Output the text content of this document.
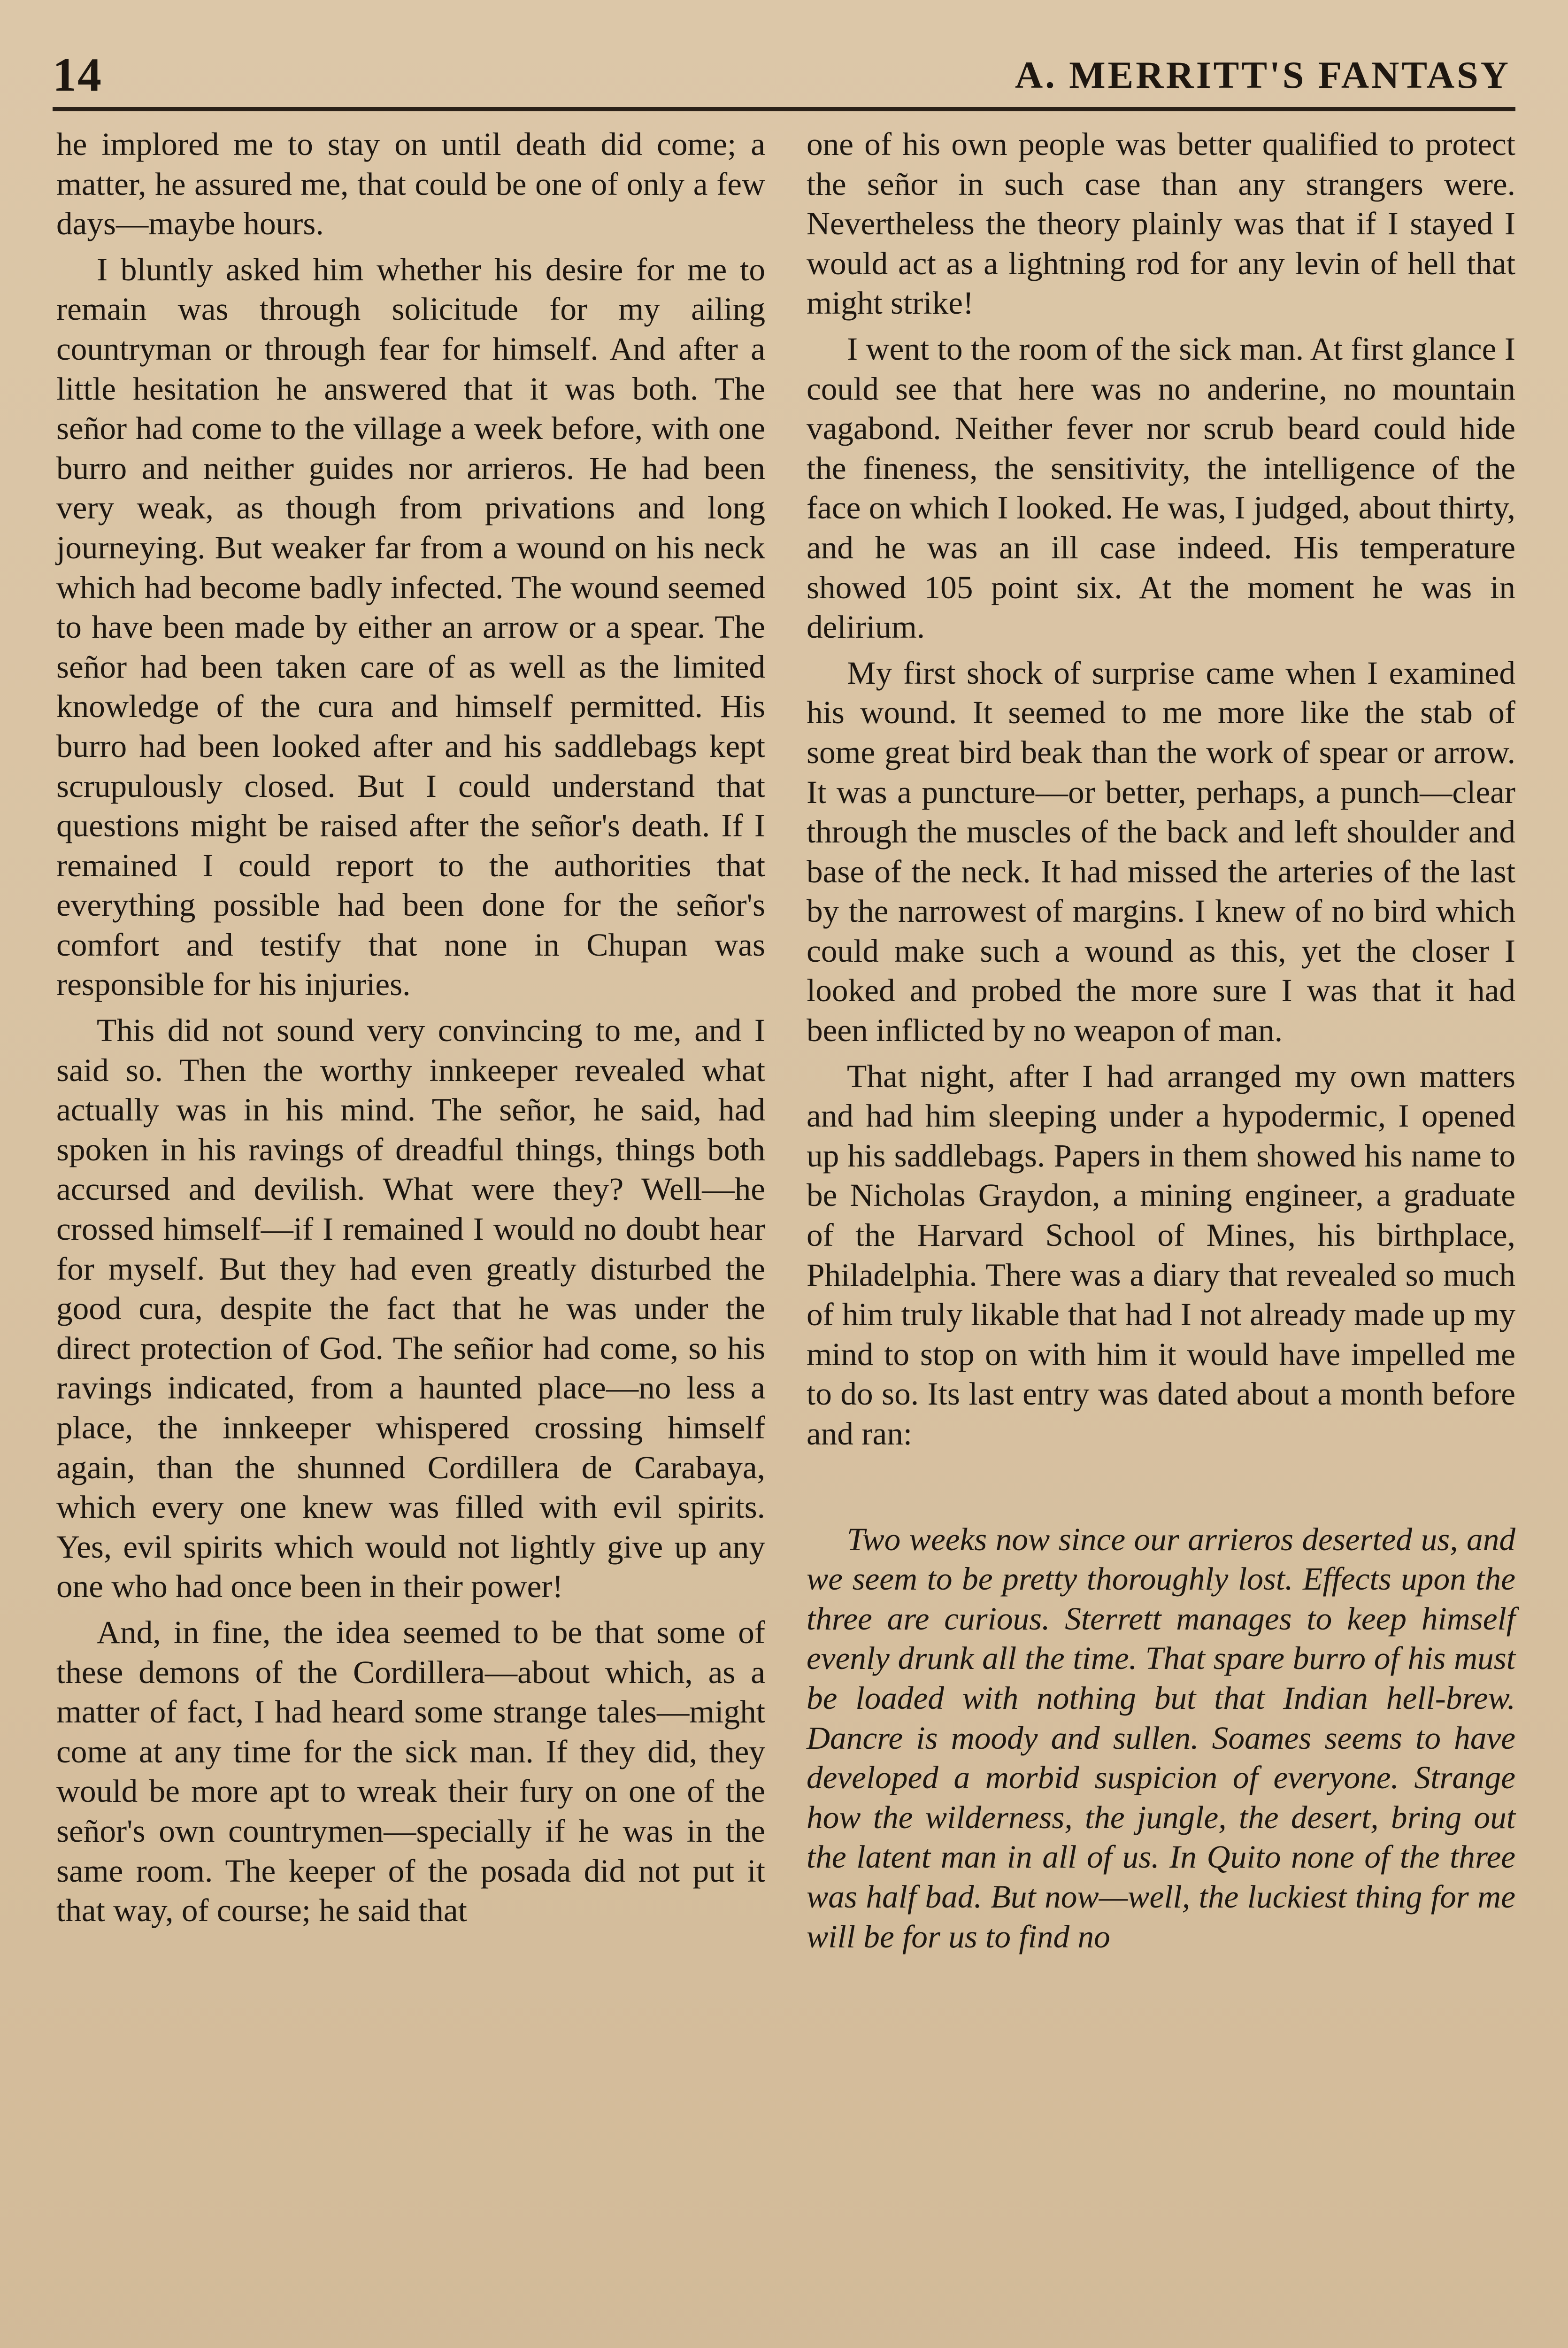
14	A. MERRITT'S FANTASY

he implored me to stay on until death did come; a matter, he assured me, that could be one of only a few days—maybe hours.

I bluntly asked him whether his desire for me to remain was through solicitude for my ailing countryman or through fear for himself. And after a little hesitation he answered that it was both. The señor had come to the village a week before, with one burro and neither guides nor arrieros. He had been very weak, as though from privations and long journeying. But weaker far from a wound on his neck which had become badly infected. The wound seemed to have been made by either an arrow or a spear. The señor had been taken care of as well as the limited knowledge of the cura and himself permitted. His burro had been looked after and his saddlebags kept scrupulously closed. But I could understand that questions might be raised after the señor's death. If I remained I could report to the authorities that everything possible had been done for the señor's comfort and testify that none in Chupan was responsible for his injuries.

This did not sound very convincing to me, and I said so. Then the worthy innkeeper revealed what actually was in his mind. The señor, he said, had spoken in his ravings of dreadful things, things both accursed and devilish. What were they? Well—he crossed himself—if I remained I would no doubt hear for myself. But they had even greatly disturbed the good cura, despite the fact that he was under the direct protection of God. The señior had come, so his ravings indicated, from a haunted place—no less a place, the innkeeper whispered crossing himself again, than the shunned Cordillera de Carabaya, which every one knew was filled with evil spirits. Yes, evil spirits which would not lightly give up any one who had once been in their power!

And, in fine, the idea seemed to be that some of these demons of the Cordillera—about which, as a matter of fact, I had heard some strange tales—might come at any time for the sick man. If they did, they would be more apt to wreak their fury on one of the señor's own countrymen—specially if he was in the same room. The keeper of the posada did not put it that way, of course; he said that

one of his own people was better qualified to protect the señor in such case than any strangers were. Nevertheless the theory plainly was that if I stayed I would act as a lightning rod for any levin of hell that might strike!

I went to the room of the sick man. At first glance I could see that here was no anderine, no mountain vagabond. Neither fever nor scrub beard could hide the fineness, the sensitivity, the intelligence of the face on which I looked. He was, I judged, about thirty, and he was an ill case indeed. His temperature showed 105 point six. At the moment he was in delirium.

My first shock of surprise came when I examined his wound. It seemed to me more like the stab of some great bird beak than the work of spear or arrow. It was a puncture—or better, perhaps, a punch—clear through the muscles of the back and left shoulder and base of the neck. It had missed the arteries of the last by the narrowest of margins. I knew of no bird which could make such a wound as this, yet the closer I looked and probed the more sure I was that it had been inflicted by no weapon of man.

That night, after I had arranged my own matters and had him sleeping under a hypodermic, I opened up his saddlebags. Papers in them showed his name to be Nicholas Graydon, a mining engineer, a graduate of the Harvard School of Mines, his birthplace, Philadelphia. There was a diary that revealed so much of him truly likable that had I not already made up my mind to stop on with him it would have impelled me to do so. Its last entry was dated about a month before and ran:

Two weeks now since our arrieros deserted us, and we seem to be pretty thoroughly lost. Effects upon the three are curious. Sterrett manages to keep himself evenly drunk all the time. That spare burro of his must be loaded with nothing but that Indian hell-brew. Dancre is moody and sullen. Soames seems to have developed a morbid suspicion of everyone. Strange how the wilderness, the jungle, the desert, bring out the latent man in all of us. In Quito none of the three was half bad. But now—well, the luckiest thing for me will be for us to find no
